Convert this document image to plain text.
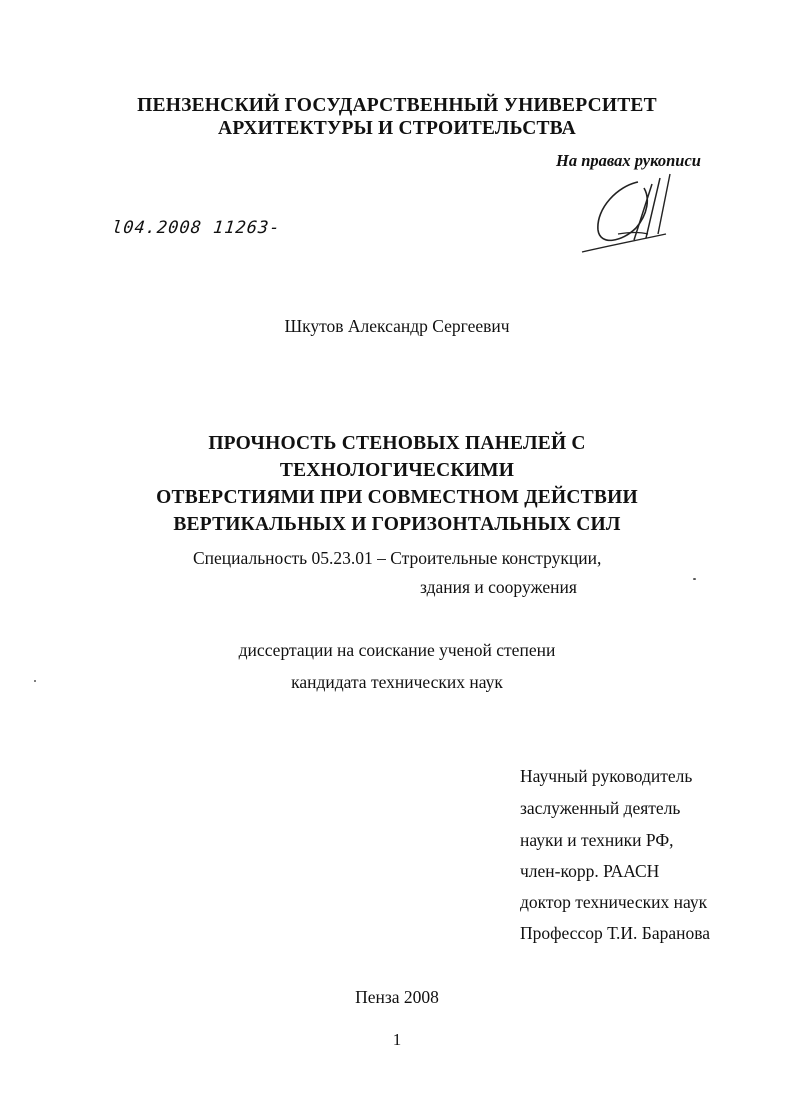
ПЕНЗЕНСКИЙ ГОСУДАРСТВЕННЫЙ УНИВЕРСИТЕТ
АРХИТЕКТУРЫ И СТРОИТЕЛЬСТВА
На правах рукописи
l04.2008 11263-
Шкутов Александр Сергеевич
ПРОЧНОСТЬ СТЕНОВЫХ ПАНЕЛЕЙ С ТЕХНОЛОГИЧЕСКИМИ
ОТВЕРСТИЯМИ ПРИ СОВМЕСТНОМ ДЕЙСТВИИ
ВЕРТИКАЛЬНЫХ И ГОРИЗОНТАЛЬНЫХ СИЛ
Специальность 05.23.01 – Строительные конструкции,
здания и сооружения
диссертации на соискание ученой степени
кандидата технических наук
Научный руководитель
заслуженный деятель
науки и техники РФ,
член-корр. РААСН
доктор технических наук
Профессор Т.И. Баранова
Пенза 2008
1
